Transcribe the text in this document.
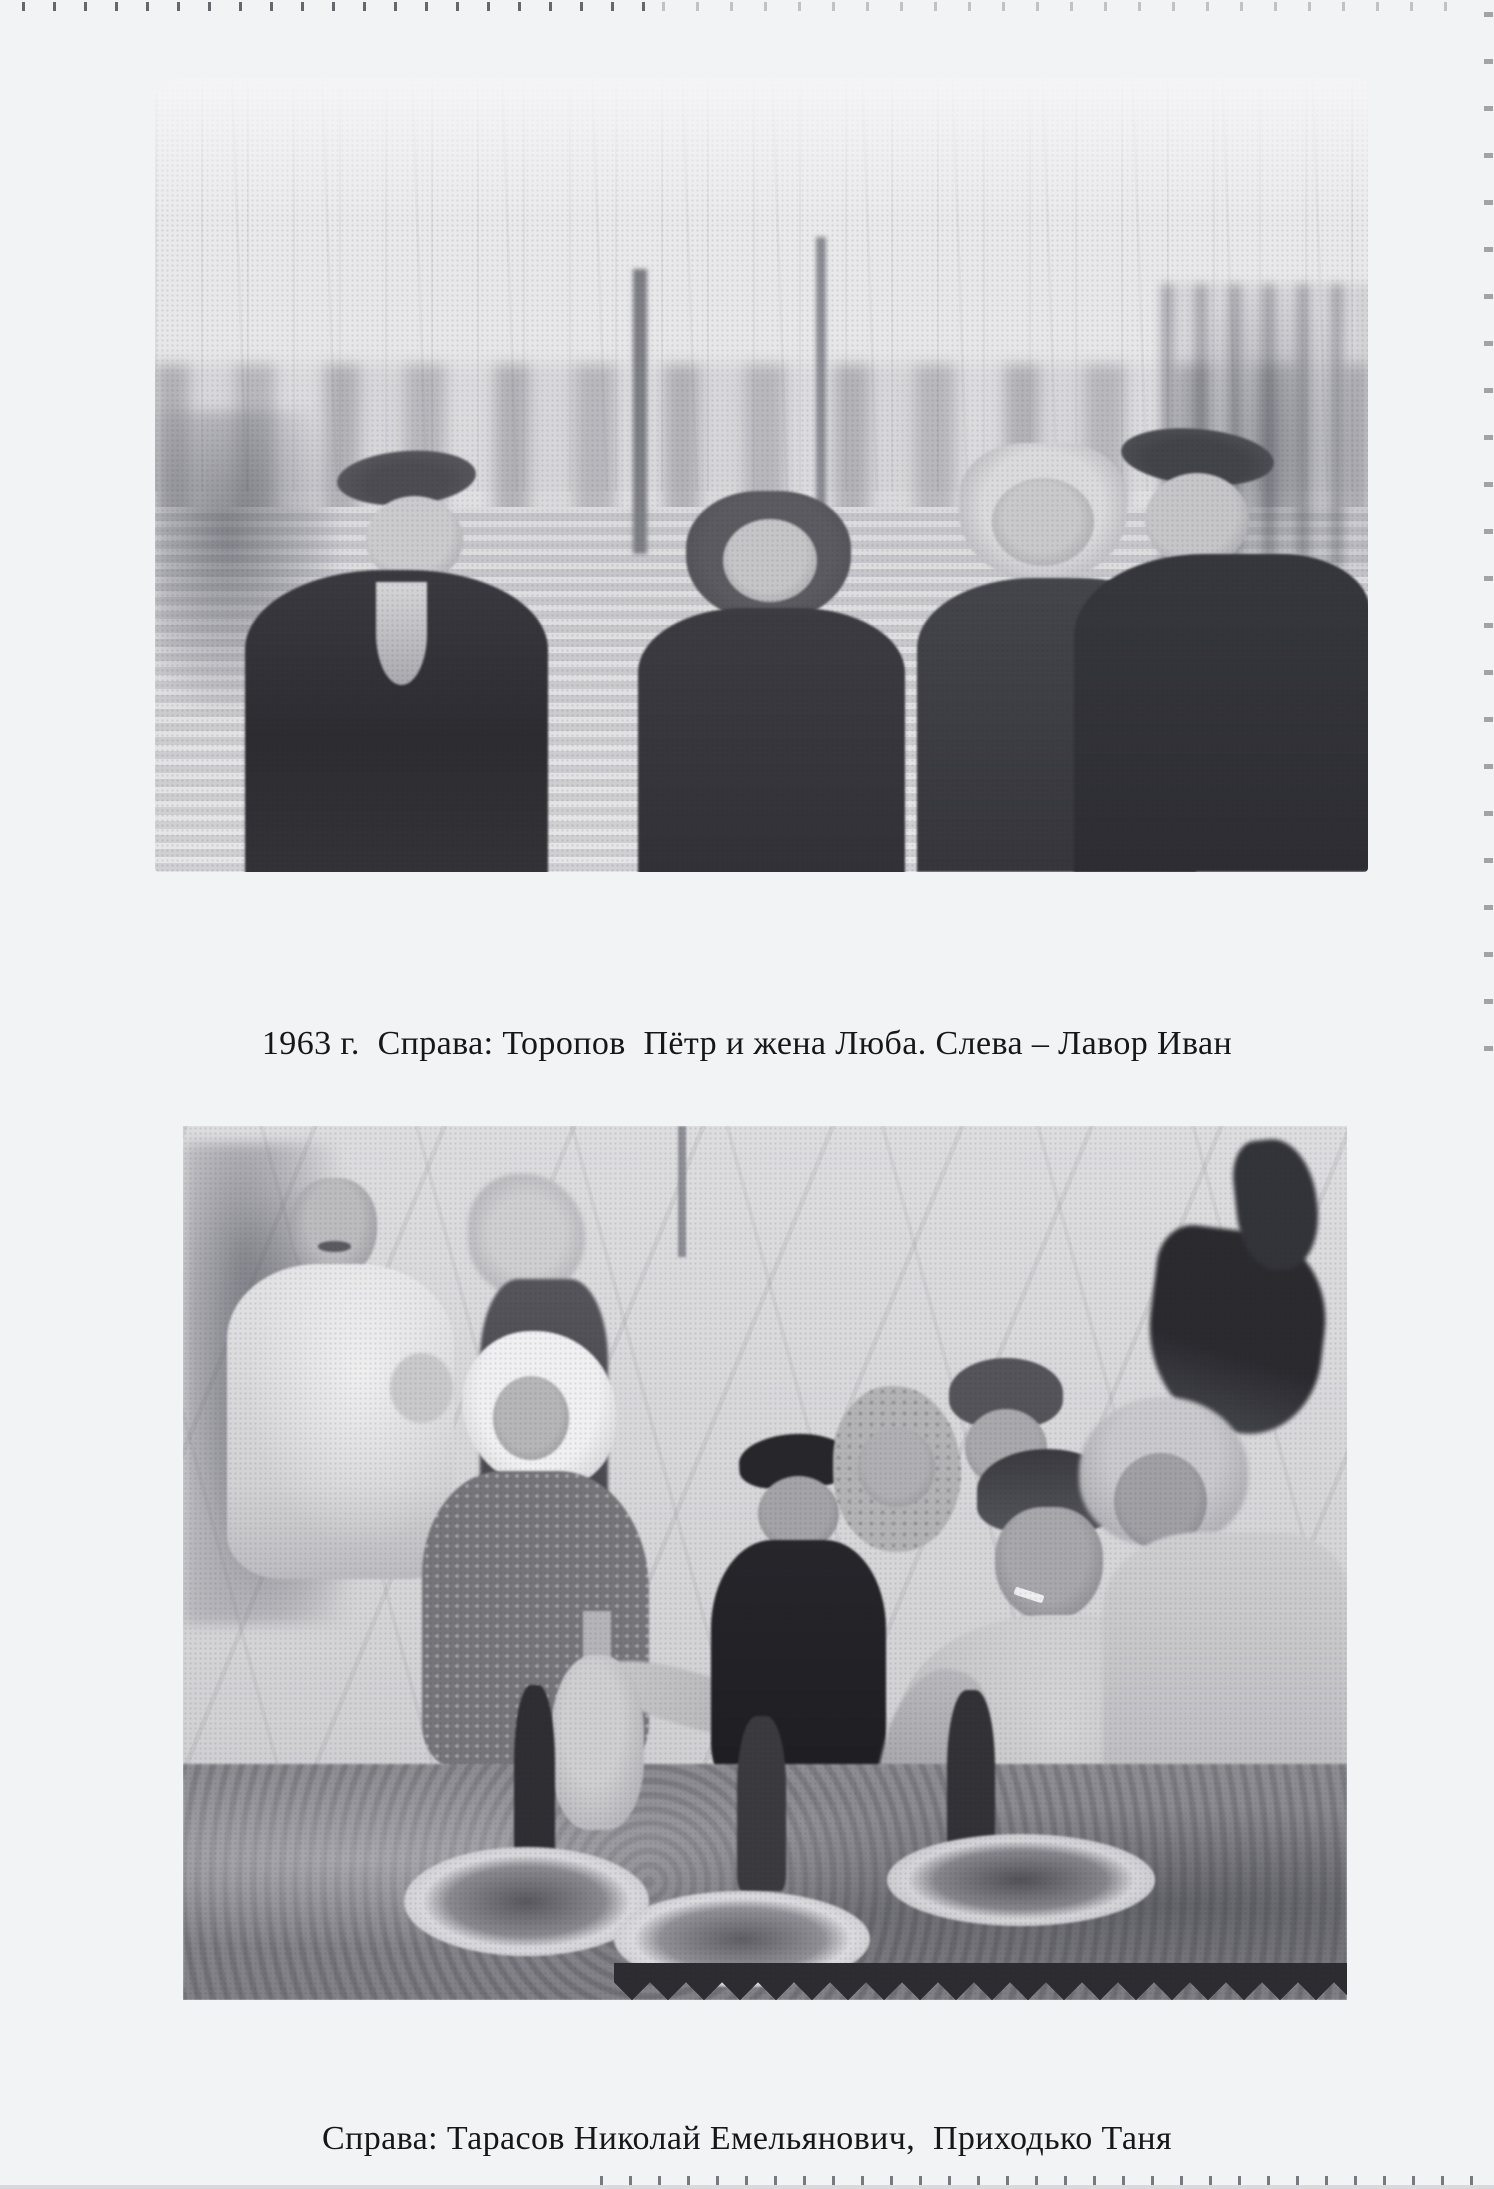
1963 г.  Справа: Торопов  Пётр и жена Люба. Слева – Лавор Иван

Справа: Тарасов Николай Емельянович,  Приходько Таня
